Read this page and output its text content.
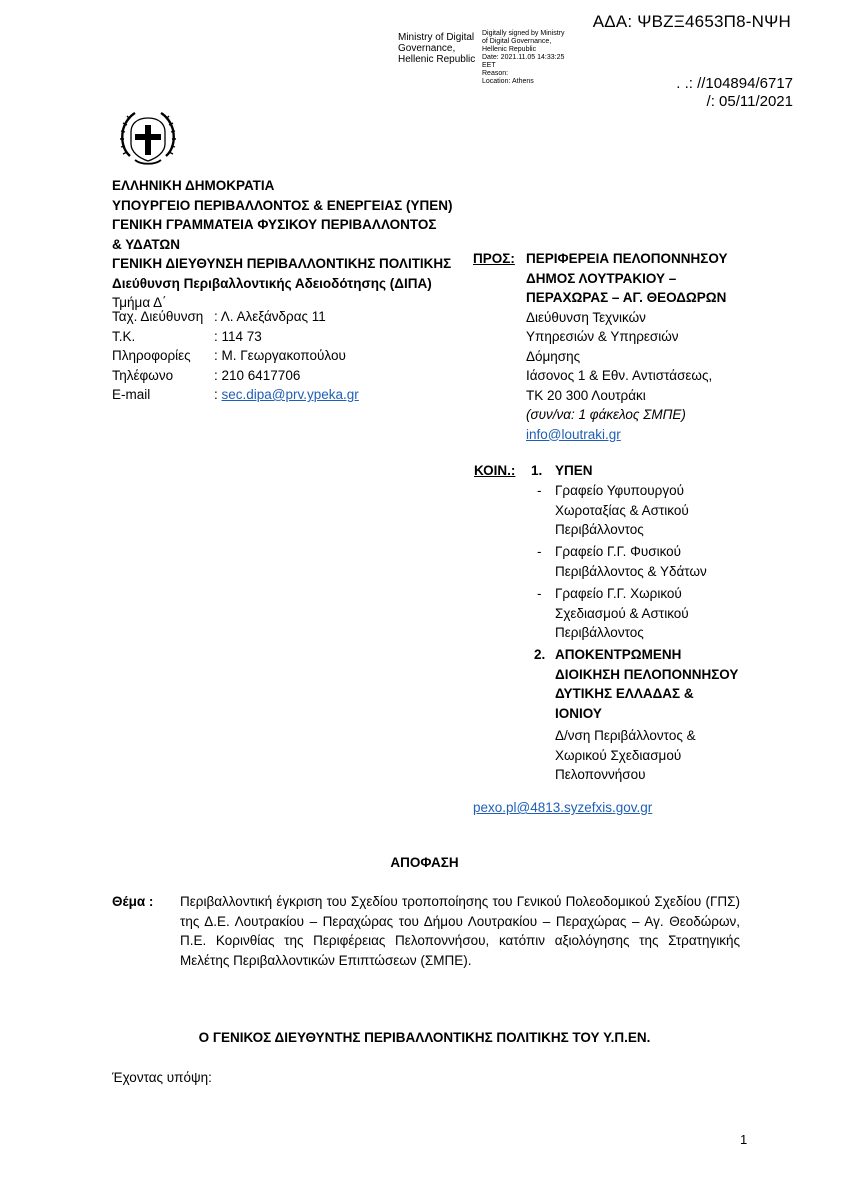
ΑΔΑ: ΨΒΖΞ4653Π8-ΝΨΗ
Ministry of Digital
Governance,
Hellenic Republic
Digitally signed by Ministry
of Digital Governance,
Hellenic Republic
Date: 2021.11.05 14:33:25
EET
Reason:
Location: Athens	. .: //104894/6717
/: 05/11/2021
ΕΛΛΗΝΙΚΗ ΔΗΜΟΚΡΑΤΙΑ
ΥΠΟΥΡΓΕΙΟ ΠΕΡΙΒΑΛΛΟΝΤΟΣ & ΕΝΕΡΓΕΙΑΣ (ΥΠΕΝ)
ΓΕΝΙΚΗ ΓΡΑΜΜΑΤΕΙΑ ΦΥΣΙΚΟΥ ΠΕΡΙΒΑΛΛΟΝΤΟΣ
& ΥΔΑΤΩΝ
ΓΕΝΙΚΗ ΔΙΕΥΘΥΝΣΗ ΠΕΡΙΒΑΛΛΟΝΤΙΚΗΣ ΠΟΛΙΤΙΚΗΣ
Διεύθυνση Περιβαλλοντικής Αδειοδότησης (ΔΙΠΑ)
Τμήμα Δ΄
Ταχ. Διεύθυνση : Λ. Αλεξάνδρας 11
Τ.Κ.	: 114 73
Πληροφορίες : Μ. Γεωργακοπούλου
Τηλέφωνο	: 210 6417706
E-mail	: sec.dipa@prv.ypeka.gr
ΠΡΟΣ: ΠΕΡΙΦΕΡΕΙΑ ΠΕΛΟΠΟΝΝΗΣΟΥ
ΔΗΜΟΣ ΛΟΥΤΡΑΚΙΟΥ –
ΠΕΡΑΧΩΡΑΣ – ΑΓ. ΘΕΟΔΩΡΩΝ
Διεύθυνση Τεχνικών
Υπηρεσιών & Υπηρεσιών
Δόμησης
Ιάσονος 1 & Εθν. Αντιστάσεως,
ΤΚ 20 300 Λουτράκι
(συν/να: 1 φάκελος ΣΜΠΕ)
info@loutraki.gr
ΚΟΙΝ.: 1. ΥΠΕΝ
- Γραφείο Υφυπουργού
Χωροταξίας & Αστικού
Περιβάλλοντος
- Γραφείο Γ.Γ. Φυσικού
Περιβάλλοντος & Υδάτων
- Γραφείο Γ.Γ. Χωρικού
Σχεδιασμού & Αστικού
Περιβάλλοντος
2. ΑΠΟΚΕΝΤΡΩΜΕΝΗ
ΔΙΟΙΚΗΣΗ ΠΕΛΟΠΟΝΝΗΣΟΥ
ΔΥΤΙΚΗΣ ΕΛΛΑΔΑΣ &
ΙΟΝΙΟΥ
Δ/νση Περιβάλλοντος &
Χωρικού Σχεδιασμού
Πελοποννήσου
pexo.pl@4813.syzefxis.gov.gr
ΑΠΟΦΑΣΗ
Θέμα : Περιβαλλοντική έγκριση του Σχεδίου τροποποίησης του Γενικού Πολεοδομικού Σχεδίου (ΓΠΣ) της Δ.Ε. Λουτρακίου – Περαχώρας του Δήμου Λουτρακίου – Περαχώρας – Αγ. Θεοδώρων, Π.Ε. Κορινθίας της Περιφέρειας Πελοποννήσου, κατόπιν αξιολόγησης της Στρατηγικής Μελέτης Περιβαλλοντικών Επιπτώσεων (ΣΜΠΕ).
Ο ΓΕΝΙΚΟΣ ΔΙΕΥΘΥΝΤΗΣ ΠΕΡΙΒΑΛΛΟΝΤΙΚΗΣ ΠΟΛΙΤΙΚΗΣ ΤΟΥ Υ.Π.ΕΝ.
Έχοντας υπόψη:
1
